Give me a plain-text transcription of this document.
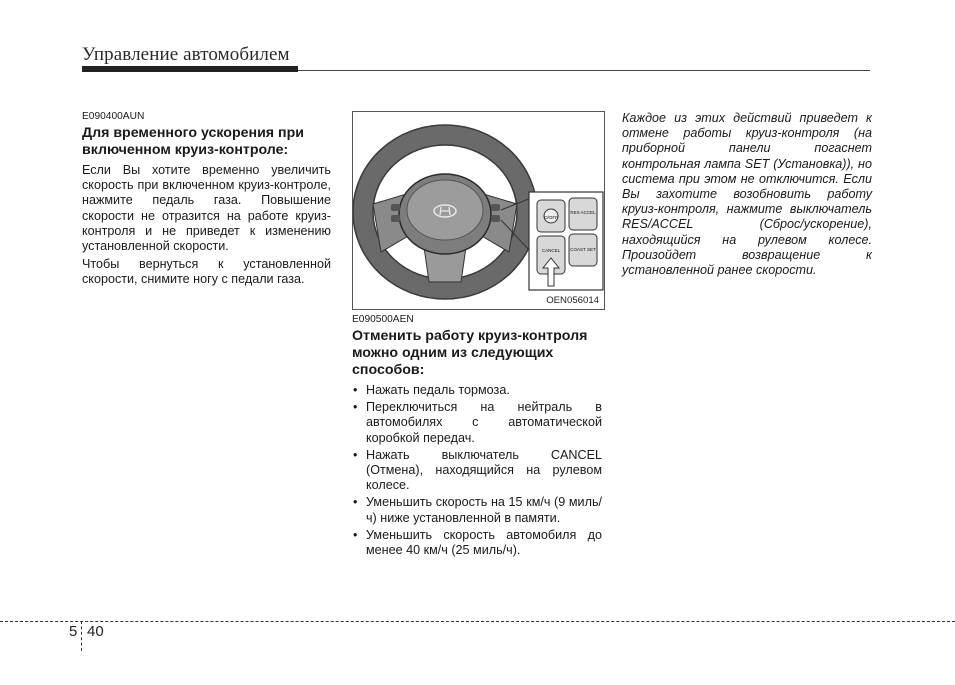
Управление автомобилем
E090400AUN
Для временного ускорения при включенном круиз-контроле:

Если Вы хотите временно увеличить скорость при включенном круиз-контроле, нажмите педаль газа. Повышение скорости не отразится на работе круиз-контроля и не приведет к изменению установленной скорости.

Чтобы вернуться к установленной скорости, снимите ногу с педали газа.

O/OFF
RES ACCEL
COAST SET
CANCEL
OEN056014
E090500AEN
Отменить работу круиз-контроля можно одним из следующих способов:
• Нажать педаль тормоза.
• Переключиться на нейтраль в автомобилях с автоматической коробкой передач.
• Нажать выключатель CANCEL (Отмена), находящийся на рулевом колесе.
• Уменьшить скорость на 15 км/ч (9 миль/ч) ниже установленной в памяти.
• Уменьшить скорость автомобиля до менее 40 км/ч (25 миль/ч).

Каждое из этих действий приведет к отмене работы круиз-контроля (на приборной панели погаснет контрольная лампа SET (Установка)), но система при этом не отключится. Если Вы захотите возобновить работу круиз-контроля, нажмите выключатель RES/ACCEL (Сброс/ускорение), находящийся на рулевом колесе. Произойдет возвращение к установленной ранее скорости.

5 40
